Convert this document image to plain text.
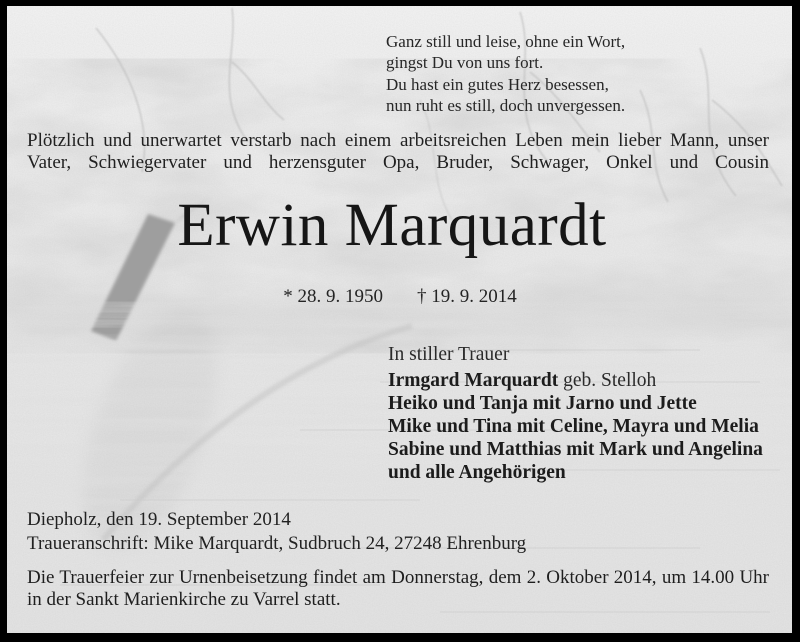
Ganz still und leise, ohne ein Wort,
gingst Du von uns fort.
Du hast ein gutes Herz besessen,
nun ruht es still, doch unvergessen.

Plötzlich und unerwartet verstarb nach einem arbeitsreichen Leben mein lieber Mann, unser Vater, Schwiegervater und herzensguter Opa, Bruder, Schwager, Onkel und Cousin

Erwin Marquardt
* 28. 9. 1950 † 19. 9. 2014
In stiller Trauer
Irmgard Marquardt geb. Stelloh
Heiko und Tanja mit Jarno und Jette
Mike und Tina mit Celine, Mayra und Melia
Sabine und Matthias mit Mark und Angelina
und alle Angehörigen
Diepholz, den 19. September 2014
Traueranschrift: Mike Marquardt, Sudbruch 24, 27248 Ehrenburg

Die Trauerfeier zur Urnenbeisetzung findet am Donnerstag, dem 2. Oktober 2014, um 14.00 Uhr in der Sankt Marienkirche zu Varrel statt.
